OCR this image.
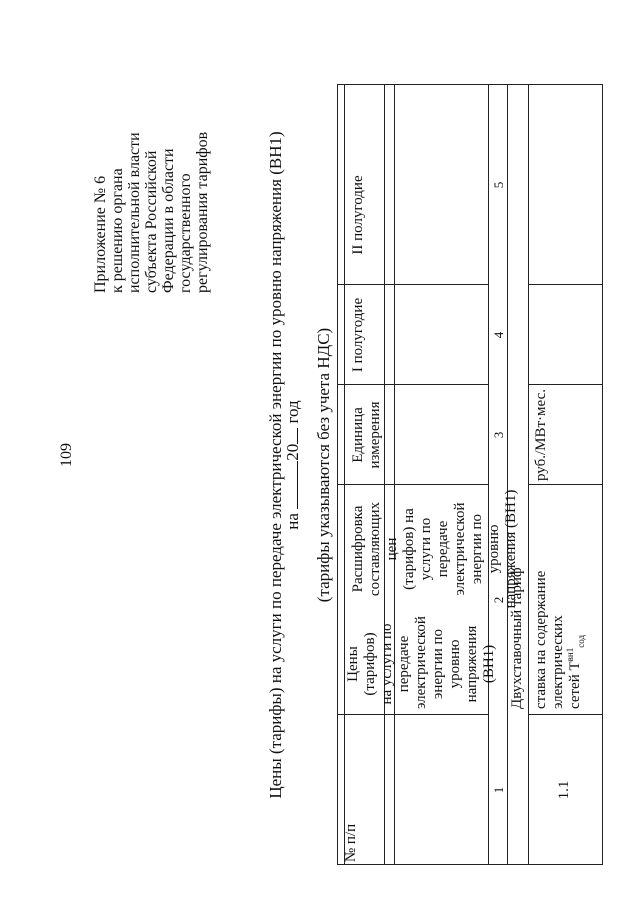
109
Приложение № 6 к решению органа исполнительной власти субъекта Российской Федерации в области государственного регулирования тарифов	Цены (тарифы) на услуги по передаче электрической энергии по уровню напряжения (ВН1)
на 20 год (тарифы указываются без учета НДС)
№ п/п
Цены (тарифов) на услуги по передаче электрической энергии по уровню напряжения (ВН1)
Расшифровка составляющих цен (тарифов) на услуги по передаче электрической энергии по уровню напряжения (ВН1)
Единица измерения
I полугодие
II полугодие
1
2
3
4
5
Двухставочный тариф
1.1
ставка на содержание электрических сетей $Т^{вн1}_{сод}$
руб./МВт·мес.
